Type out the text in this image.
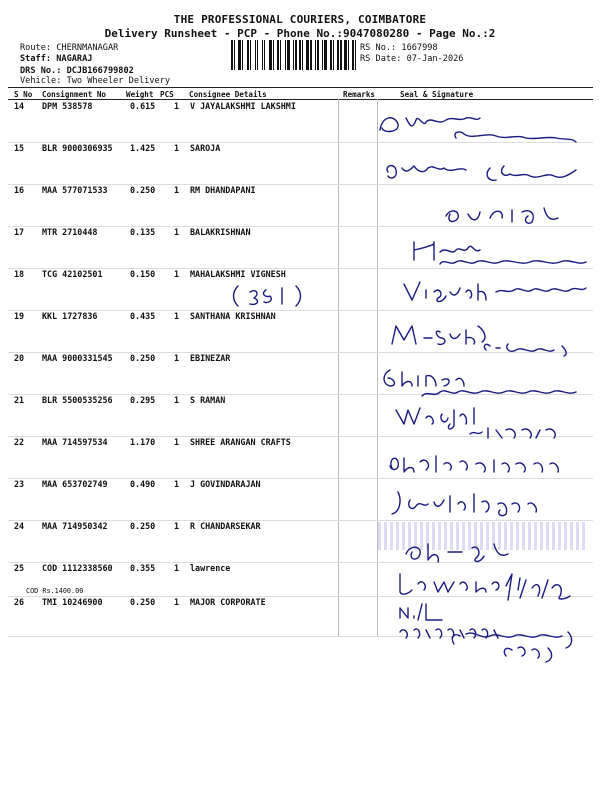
THE PROFESSIONAL COURIERS, COIMBATORE
Delivery Runsheet - PCP - Phone No.:9047080280 - Page No.:2
Route: CHERNMANAGAR
Staff: NAGARAJ
DRS No.: DCJB166799802
Vehicle: Two Wheeler Delivery
RS No.: 1667998
RS Date: 07-Jan-2026
S No Consignment No	Weight PCS Consignee Details	Remarks	Seal & Signature
14 DPM 538578	0.615 1 V JAYALAKSHMI LAKSHMI
15 BLR 9000306935 1.425 1 SAROJA
16 MAA 577071533	0.250 1 RM DHANDAPANI
17 MTR 2710448	0.135 1 BALAKRISHNAN
18 TCG 42102501	0.150 1 MAHALAKSHMI VIGNESH
19 KKL 1727836	0.435 1 SANTHANA KRISHNAN
20 MAA 9000331545 0.250 1 EBINEZAR
21 BLR 5500535256 0.295 1 S RAMAN
22 MAA 714597534	1.170 1 SHREE ARANGAN CRAFTS
23 MAA 653702749	0.490 1 J GOVINDARAJAN
24 MAA 714950342	0.250 1 R CHANDARSEKAR
25 COD 1112338560 0.355 1 lawrence
26 TMI 10246900	0.250 1 MAJOR CORPORATE
COD Rs.1400.00
